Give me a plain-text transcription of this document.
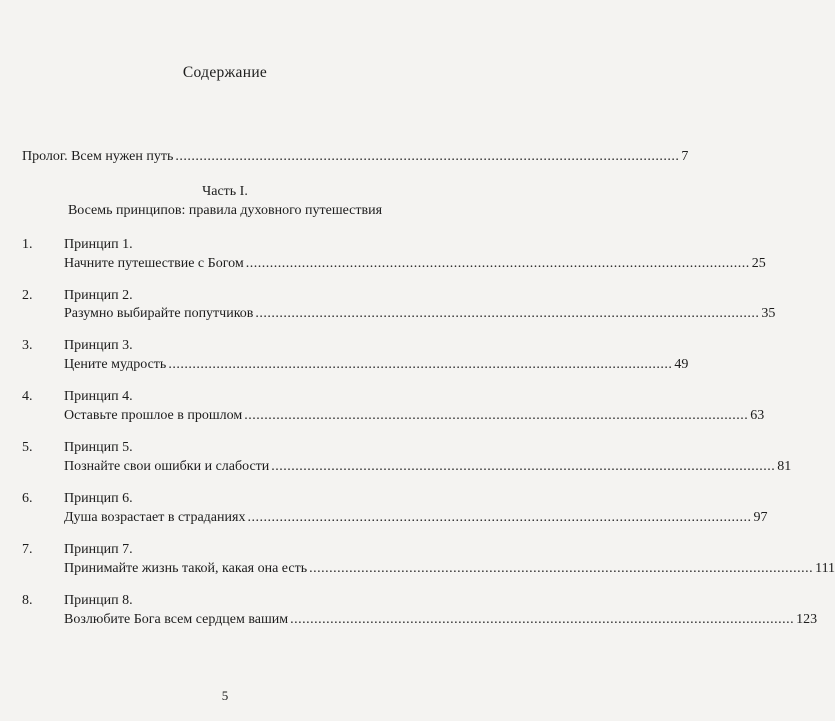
Содержание
Пролог. Всем нужен путь .............................................................................................................................. 7
Часть I.
Восемь принципов: правила духовного путешествия
1. Принцип 1.
Начните путешествие с Богом .............................................................................................................................. 25
2. Принцип 2.
Разумно выбирайте попутчиков .............................................................................................................................. 35
3. Принцип 3.
Цените мудрость .............................................................................................................................. 49
4. Принцип 4.
Оставьте прошлое в прошлом .............................................................................................................................. 63
5. Принцип 5.
Познайте свои ошибки и слабости .............................................................................................................................. 81
6. Принцип 6.
Душа возрастает в страданиях .............................................................................................................................. 97
7. Принцип 7.
Принимайте жизнь такой, какая она есть .............................................................................................................................. 111
8. Принцип 8.
Возлюбите Бога всем сердцем вашим .............................................................................................................................. 123
5
